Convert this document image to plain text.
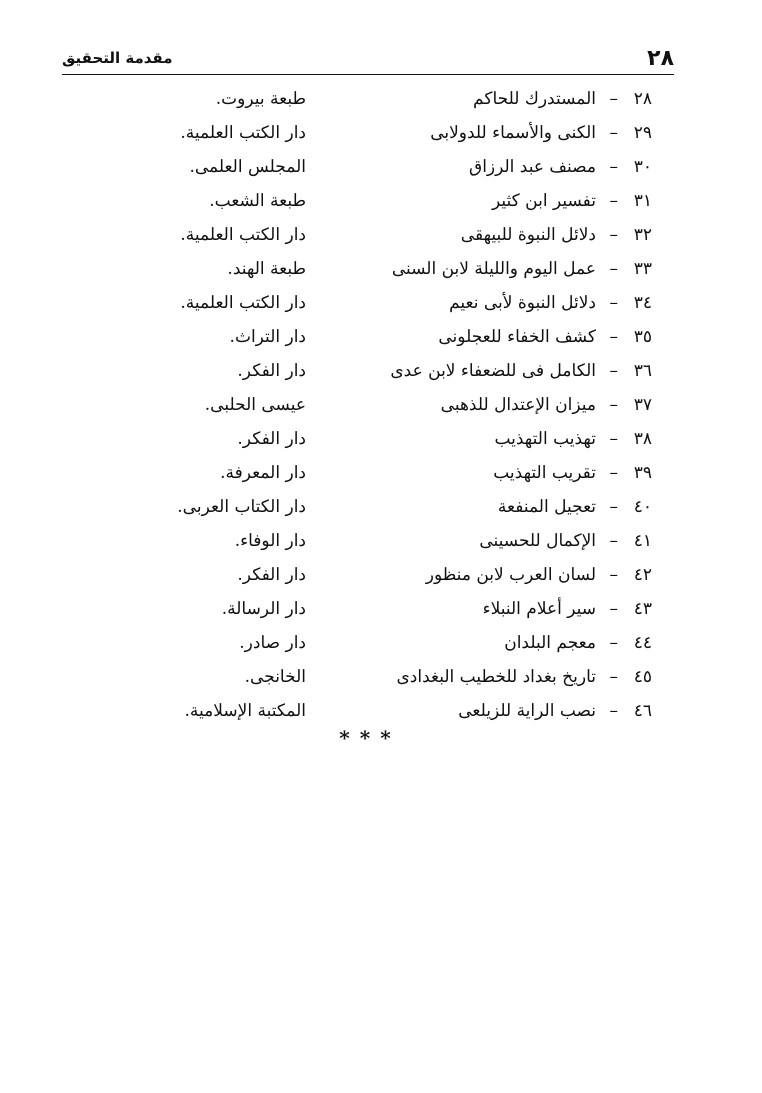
٢٨
مقدمة التحقيق
٢٨
–
المستدرك للحاكم
طبعة بيروت.
٢٩
–
الكنى والأسماء للدولابى
دار الكتب العلمية.
٣٠
–
مصنف عبد الرزاق
المجلس العلمى.
٣١
–
تفسير ابن كثير
طبعة الشعب.
٣٢
–
دلائل النبوة للبيهقى
دار الكتب العلمية.
٣٣
–
عمل اليوم والليلة لابن السنى
طبعة الهند.
٣٤
–
دلائل النبوة لأبى نعيم
دار الكتب العلمية.
٣٥
–
كشف الخفاء للعجلونى
دار التراث.
٣٦
–
الكامل فى للضعفاء لابن عدى
دار الفكر.
٣٧
–
ميزان الإعتدال للذهبى
عيسى الحلبى.
٣٨
–
تهذيب التهذيب
دار الفكر.
٣٩
–
تقريب التهذيب
دار المعرفة.
٤٠
–
تعجيل المنفعة
دار الكتاب العربى.
٤١
–
الإكمال للحسينى
دار الوفاء.
٤٢
–
لسان العرب لابن منظور
دار الفكر.
٤٣
–
سير أعلام النبلاء
دار الرسالة.
٤٤
–
معجم البلدان
دار صادر.
٤٥
–
تاريخ بغداد للخطيب البغدادى
الخانجى.
٤٦
–
نصب الراية للزيلعى
المكتبة الإسلامية.
***
